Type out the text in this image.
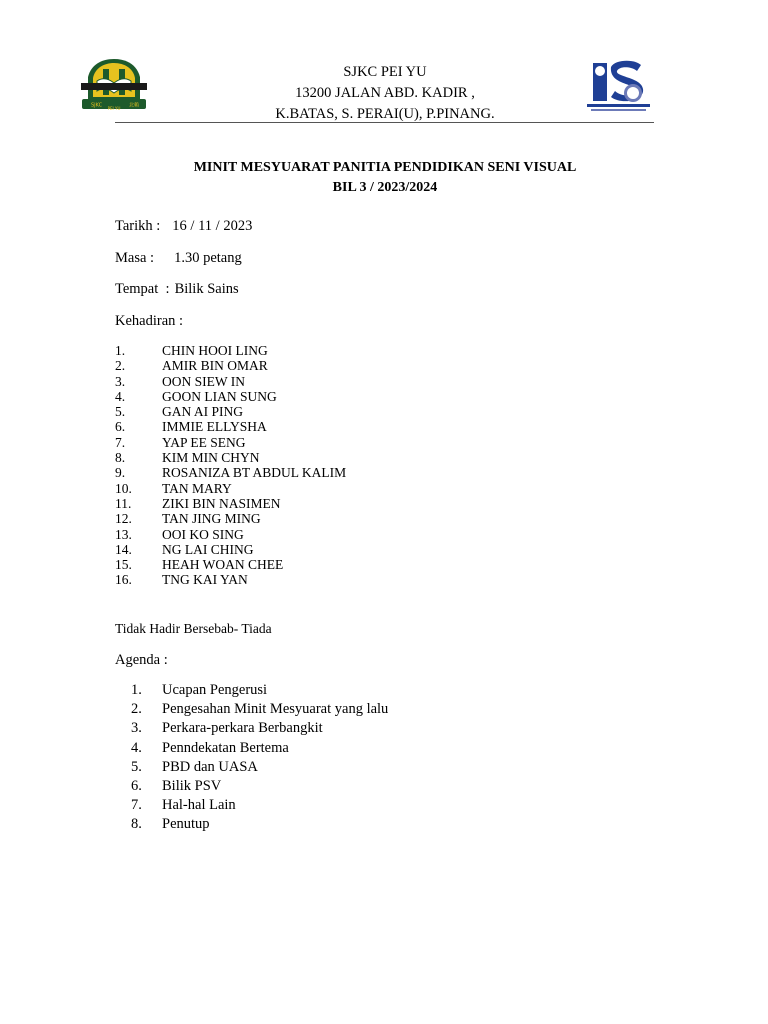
SJKC	北賴
PEI YU
SJKC PEI YU
13200 JALAN ABD. KADIR ,
K.BATAS, S. PERAI(U), P.PINANG.
MINIT MESYUARAT PANITIA PENDIDIKAN SENI VISUAL
BIL 3 / 2023/2024
Tarikh : 16 / 11 / 2023
Masa : 1.30 petang
Tempat  : Bilik Sains
Kehadiran :
1.	CHIN HOOI LING
2.	AMIR BIN OMAR
3.	OON SIEW IN
4.	GOON LIAN SUNG
5.	GAN AI PING
6.	IMMIE ELLYSHA
7.	YAP EE SENG
8.	KIM MIN CHYN
9.	ROSANIZA BT ABDUL KALIM
10. TAN MARY
11. ZIKI BIN NASIMEN
12. TAN JING MING
13. OOI KO SING
14. NG LAI CHING
15. HEAH WOAN CHEE
16. TNG KAI YAN
Tidak Hadir Bersebab- Tiada
Agenda :
1. Ucapan Pengerusi
2. Pengesahan Minit Mesyuarat yang lalu
3. Perkara-perkara Berbangkit
4. Penndekatan Bertema
5. PBD dan UASA
6. Bilik PSV
7. Hal-hal Lain
8. Penutup
